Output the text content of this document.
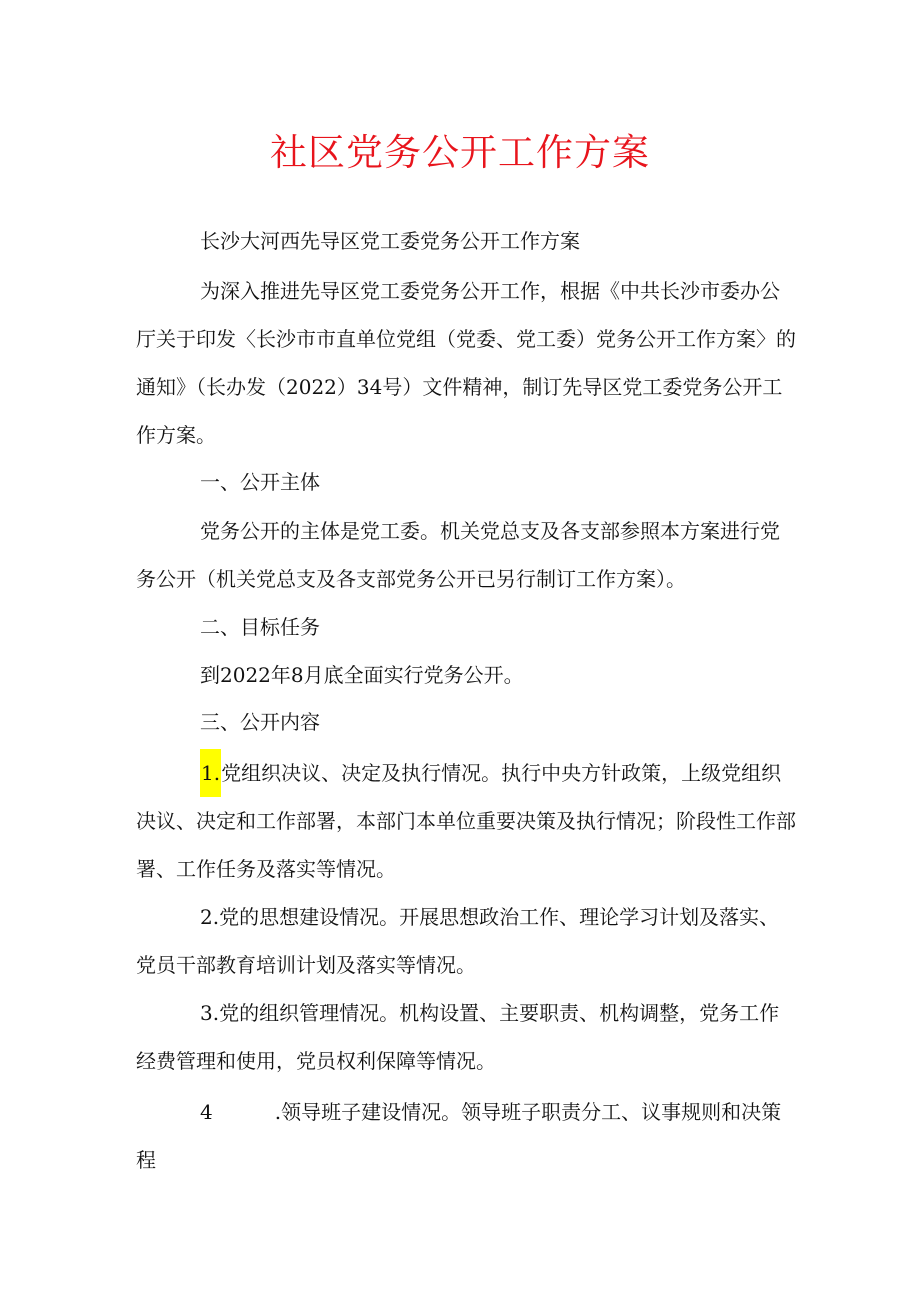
社区党务公开工作方案

长沙大河西先导区党工委党务公开工作方案

为深入推进先导区党工委党务公开工作，根据《中共长沙市委办公厅关于印发〈长沙市市直单位党组（党委、党工委）党务公开工作方案〉的通知》（长办发（2022）34号）文件精神，制订先导区党工委党务公开工作方案。

一、公开主体

党务公开的主体是党工委。机关党总支及各支部参照本方案进行党务公开（机关党总支及各支部党务公开已另行制订工作方案）。

二、目标任务

到2022年8月底全面实行党务公开。

三、公开内容

1.党组织决议、决定及执行情况。执行中央方针政策，上级党组织决议、决定和工作部署，本部门本单位重要决策及执行情况；阶段性工作部署、工作任务及落实等情况。

2.党的思想建设情况。开展思想政治工作、理论学习计划及落实、党员干部教育培训计划及落实等情况。

3.党的组织管理情况。机构设置、主要职责、机构调整，党务工作经费管理和使用，党员权利保障等情况。

4	.领导班子建设情况。领导班子职责分工、议事规则和决策程
